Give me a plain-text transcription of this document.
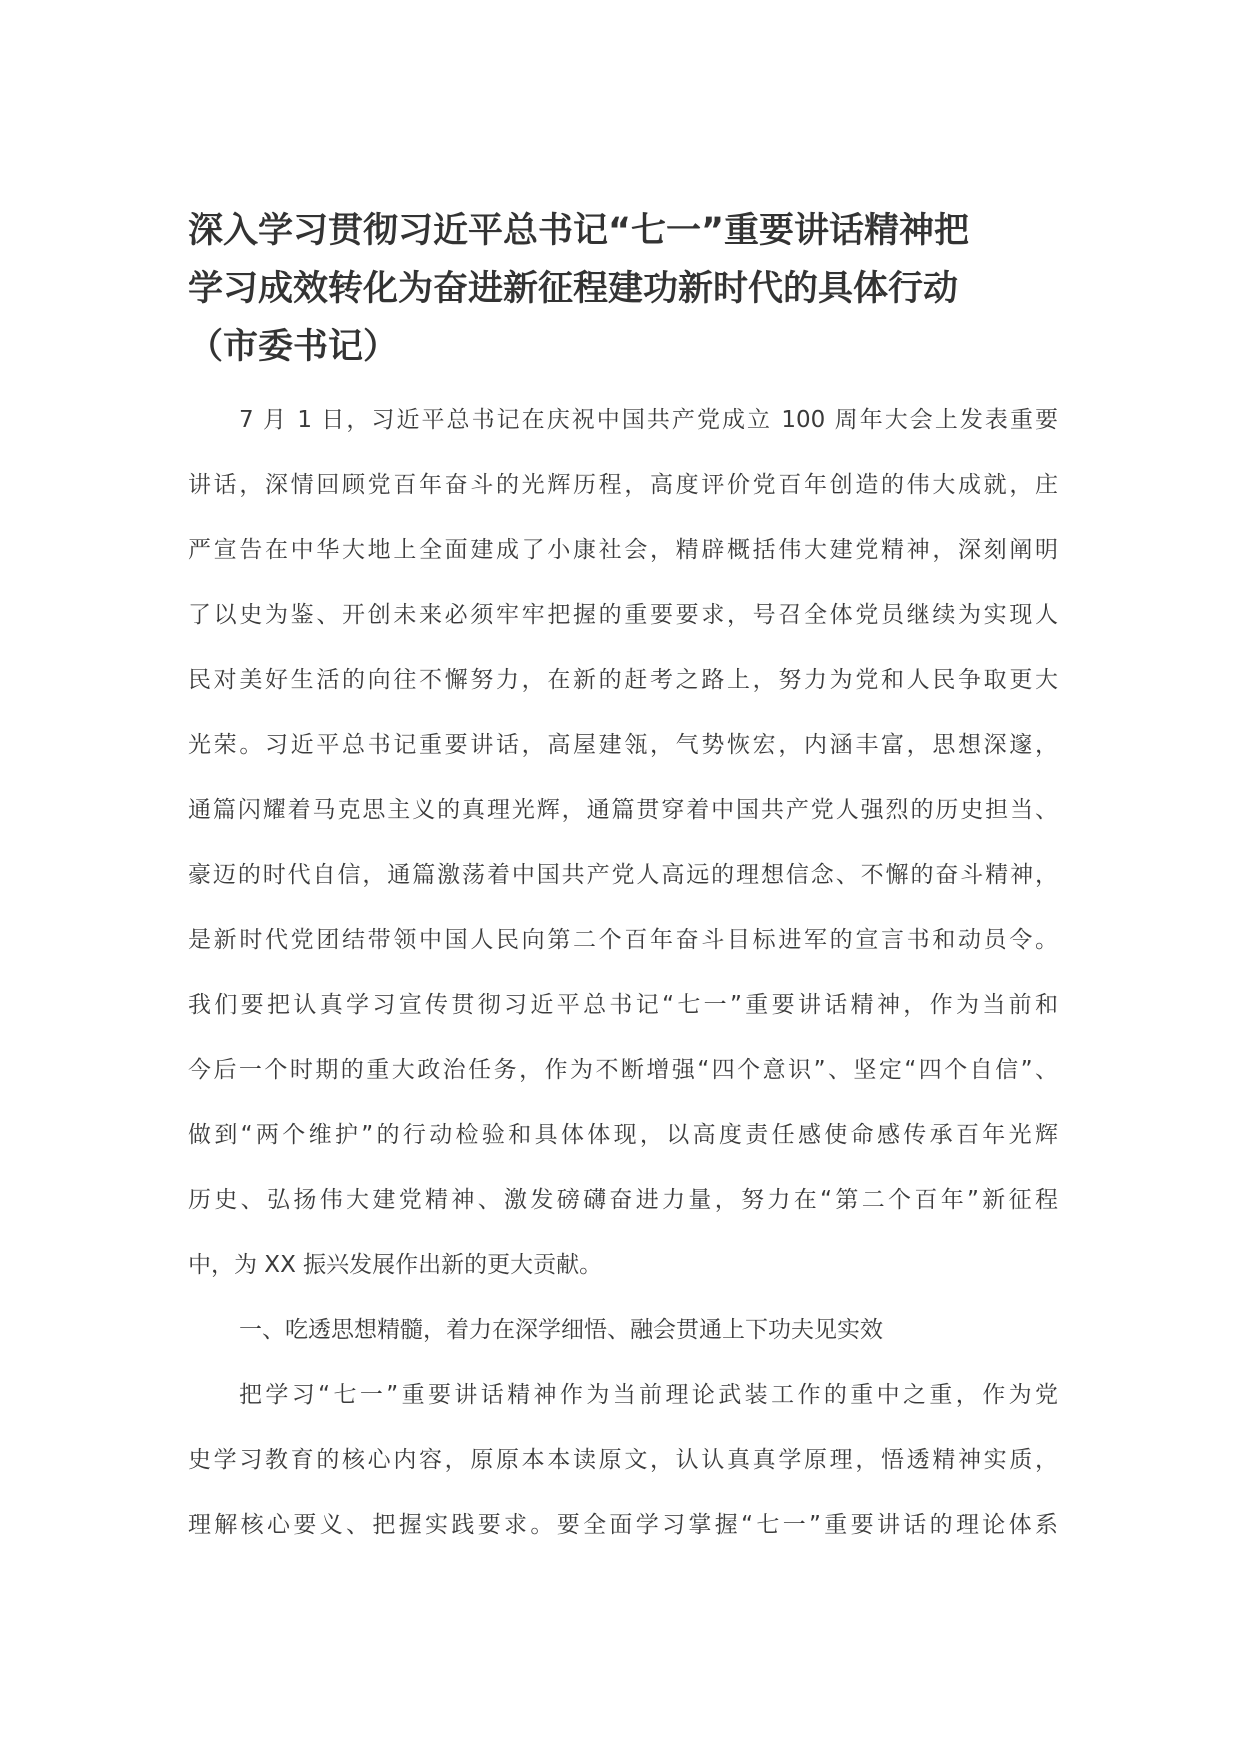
深入学习贯彻习近平总书记“七一”重要讲话精神把
学习成效转化为奋进新征程建功新时代的具体行动
（市委书记）
7 月 1 日，习近平总书记在庆祝中国共产党成立 100 周年大会上发表重要
讲话，深情回顾党百年奋斗的光辉历程，高度评价党百年创造的伟大成就，庄
严宣告在中华大地上全面建成了小康社会，精辟概括伟大建党精神，深刻阐明
了以史为鉴、开创未来必须牢牢把握的重要要求，号召全体党员继续为实现人
民对美好生活的向往不懈努力，在新的赶考之路上，努力为党和人民争取更大
光荣。习近平总书记重要讲话，高屋建瓴，气势恢宏，内涵丰富，思想深邃，
通篇闪耀着马克思主义的真理光辉，通篇贯穿着中国共产党人强烈的历史担当、
豪迈的时代自信，通篇激荡着中国共产党人高远的理想信念、不懈的奋斗精神，
是新时代党团结带领中国人民向第二个百年奋斗目标进军的宣言书和动员令。
我们要把认真学习宣传贯彻习近平总书记“七一”重要讲话精神，作为当前和
今后一个时期的重大政治任务，作为不断增强“四个意识”、坚定“四个自信”、
做到“两个维护”的行动检验和具体体现，以高度责任感使命感传承百年光辉
历史、弘扬伟大建党精神、激发磅礴奋进力量，努力在“第二个百年”新征程
中，为 XX 振兴发展作出新的更大贡献。
一、吃透思想精髓，着力在深学细悟、融会贯通上下功夫见实效
把学习“七一”重要讲话精神作为当前理论武装工作的重中之重，作为党
史学习教育的核心内容，原原本本读原文，认认真真学原理，悟透精神实质，
理解核心要义、把握实践要求。要全面学习掌握“七一”重要讲话的理论体系
